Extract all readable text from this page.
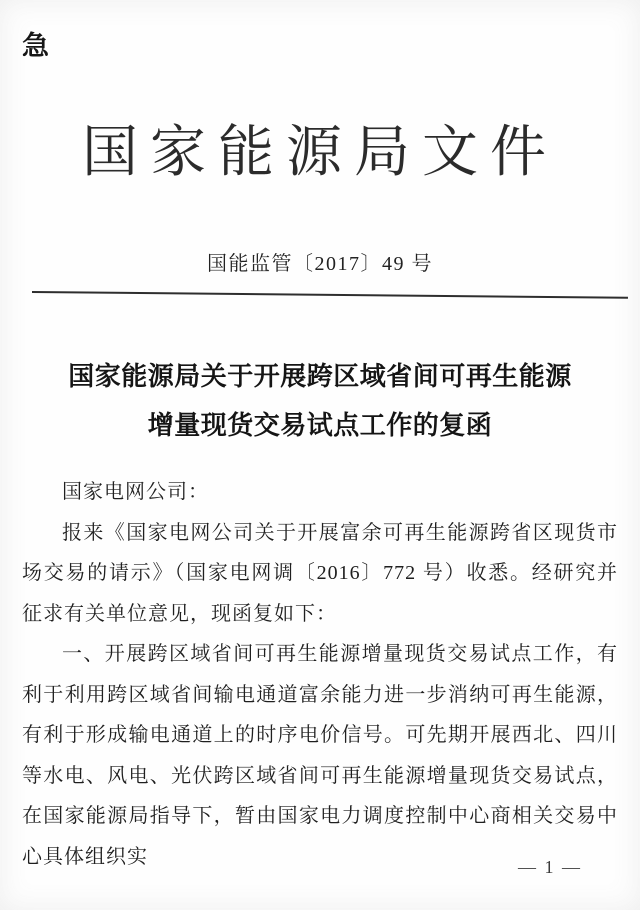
急
国家能源局文件
国能监管〔2017〕49 号
国家能源局关于开展跨区域省间可再生能源
增量现货交易试点工作的复函

国家电网公司：

报来《国家电网公司关于开展富余可再生能源跨省区现货市场交易的请示》（国家电网调〔2016〕772 号）收悉。经研究并征求有关单位意见，现函复如下：

一、开展跨区域省间可再生能源增量现货交易试点工作，有利于利用跨区域省间输电通道富余能力进一步消纳可再生能源，有利于形成输电通道上的时序电价信号。可先期开展西北、四川等水电、风电、光伏跨区域省间可再生能源增量现货交易试点，在国家能源局指导下，暂由国家电力调度控制中心商相关交易中心具体组织实	— 1 —
